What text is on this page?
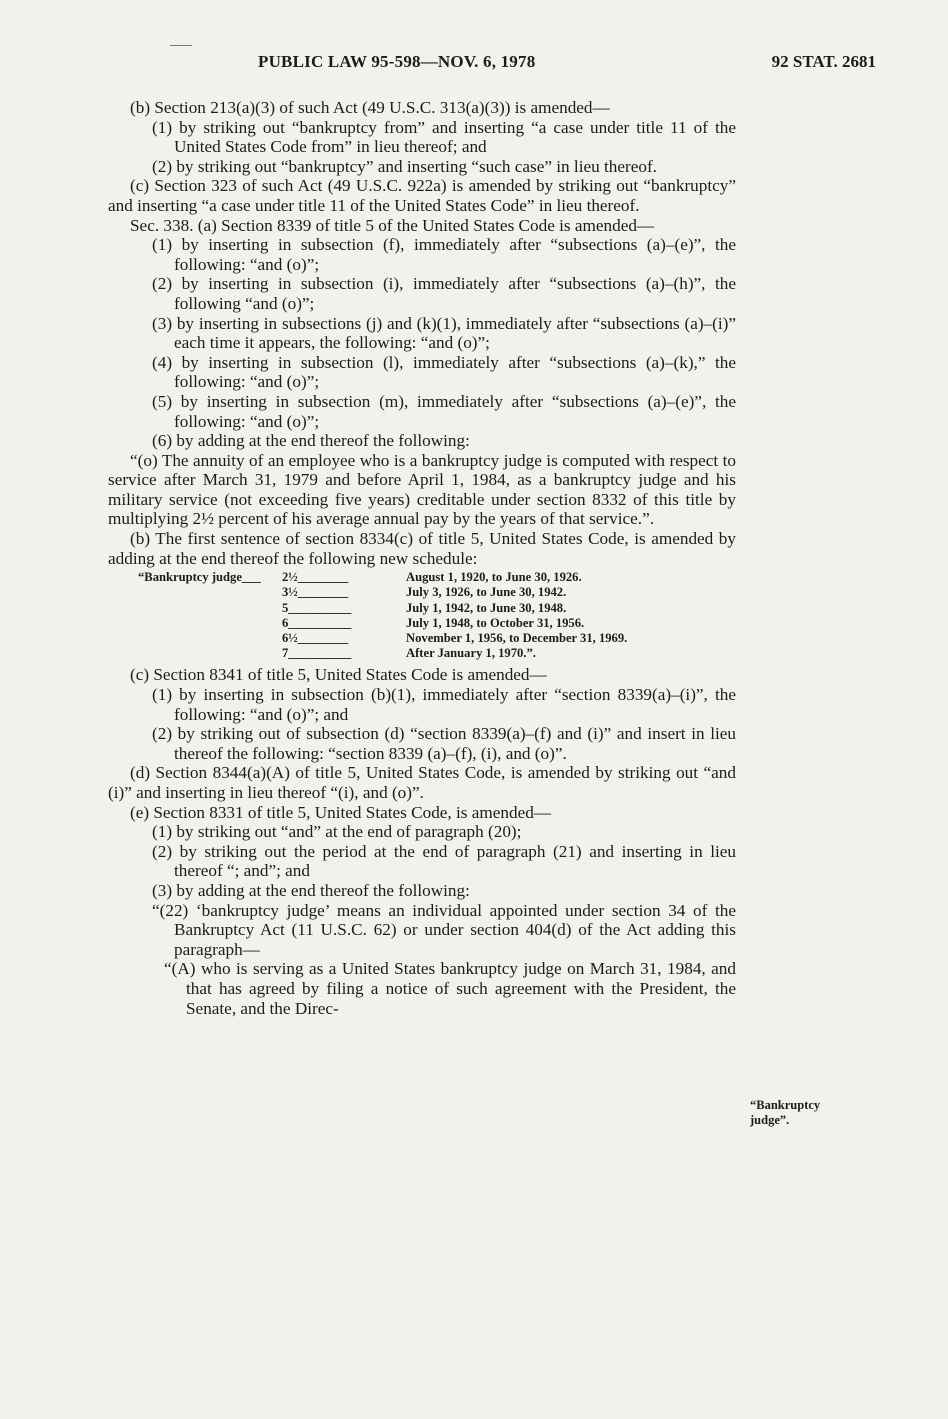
PUBLIC LAW 95-598—NOV. 6, 1978	92 STAT. 2681

(b) Section 213(a)(3) of such Act (49 U.S.C. 313(a)(3)) is amended—

(1) by striking out “bankruptcy from” and inserting “a case under title 11 of the United States Code from” in lieu thereof; and

(2) by striking out “bankruptcy” and inserting “such case” in lieu thereof.

(c) Section 323 of such Act (49 U.S.C. 922a) is amended by striking out “bankruptcy” and inserting “a case under title 11 of the United States Code” in lieu thereof.

Sec. 338. (a) Section 8339 of title 5 of the United States Code is amended—

(1) by inserting in subsection (f), immediately after “subsections (a)–(e)”, the following: “and (o)”;

(2) by inserting in subsection (i), immediately after “subsections (a)–(h)”, the following “and (o)”;

(3) by inserting in subsections (j) and (k)(1), immediately after “subsections (a)–(i)” each time it appears, the following: “and (o)”;

(4) by inserting in subsection (l), immediately after “subsections (a)–(k),” the following: “and (o)”;

(5) by inserting in subsection (m), immediately after “subsections (a)–(e)”, the following: “and (o)”;

(6) by adding at the end thereof the following:

“(o) The annuity of an employee who is a bankruptcy judge is computed with respect to service after March 31, 1979 and before April 1, 1984, as a bankruptcy judge and his military service (not exceeding five years) creditable under section 8332 of this title by multiplying 2½ percent of his average annual pay by the years of that service.”.

(b) The first sentence of section 8334(c) of title 5, United States Code, is amended by adding at the end thereof the following new schedule:

“Bankruptcy judge___	2½________	August 1, 1920, to June 30, 1926.
3½________	July 3, 1926, to June 30, 1942.
5__________	July 1, 1942, to June 30, 1948.
6__________	July 1, 1948, to October 31, 1956.
6½________	November 1, 1956, to December 31, 1969.
7__________	After January 1, 1970.”.

(c) Section 8341 of title 5, United States Code is amended—

(1) by inserting in subsection (b)(1), immediately after “section 8339(a)–(i)”, the following: “and (o)”; and

(2) by striking out of subsection (d) “section 8339(a)–(f) and (i)” and insert in lieu thereof the following: “section 8339 (a)–(f), (i), and (o)”.

(d) Section 8344(a)(A) of title 5, United States Code, is amended by striking out “and (i)” and inserting in lieu thereof “(i), and (o)”.

(e) Section 8331 of title 5, United States Code, is amended—

(1) by striking out “and” at the end of paragraph (20);

(2) by striking out the period at the end of paragraph (21) and inserting in lieu thereof “; and”; and

(3) by adding at the end thereof the following:

“(22) ‘bankruptcy judge’ means an individual appointed under section 34 of the Bankruptcy Act (11 U.S.C. 62) or under section 404(d) of the Act adding this paragraph—

“(A) who is serving as a United States bankruptcy judge on March 31, 1984, and that has agreed by filing a notice of such agreement with the President, the Senate, and the Direc-

“Bankruptcy judge”.
